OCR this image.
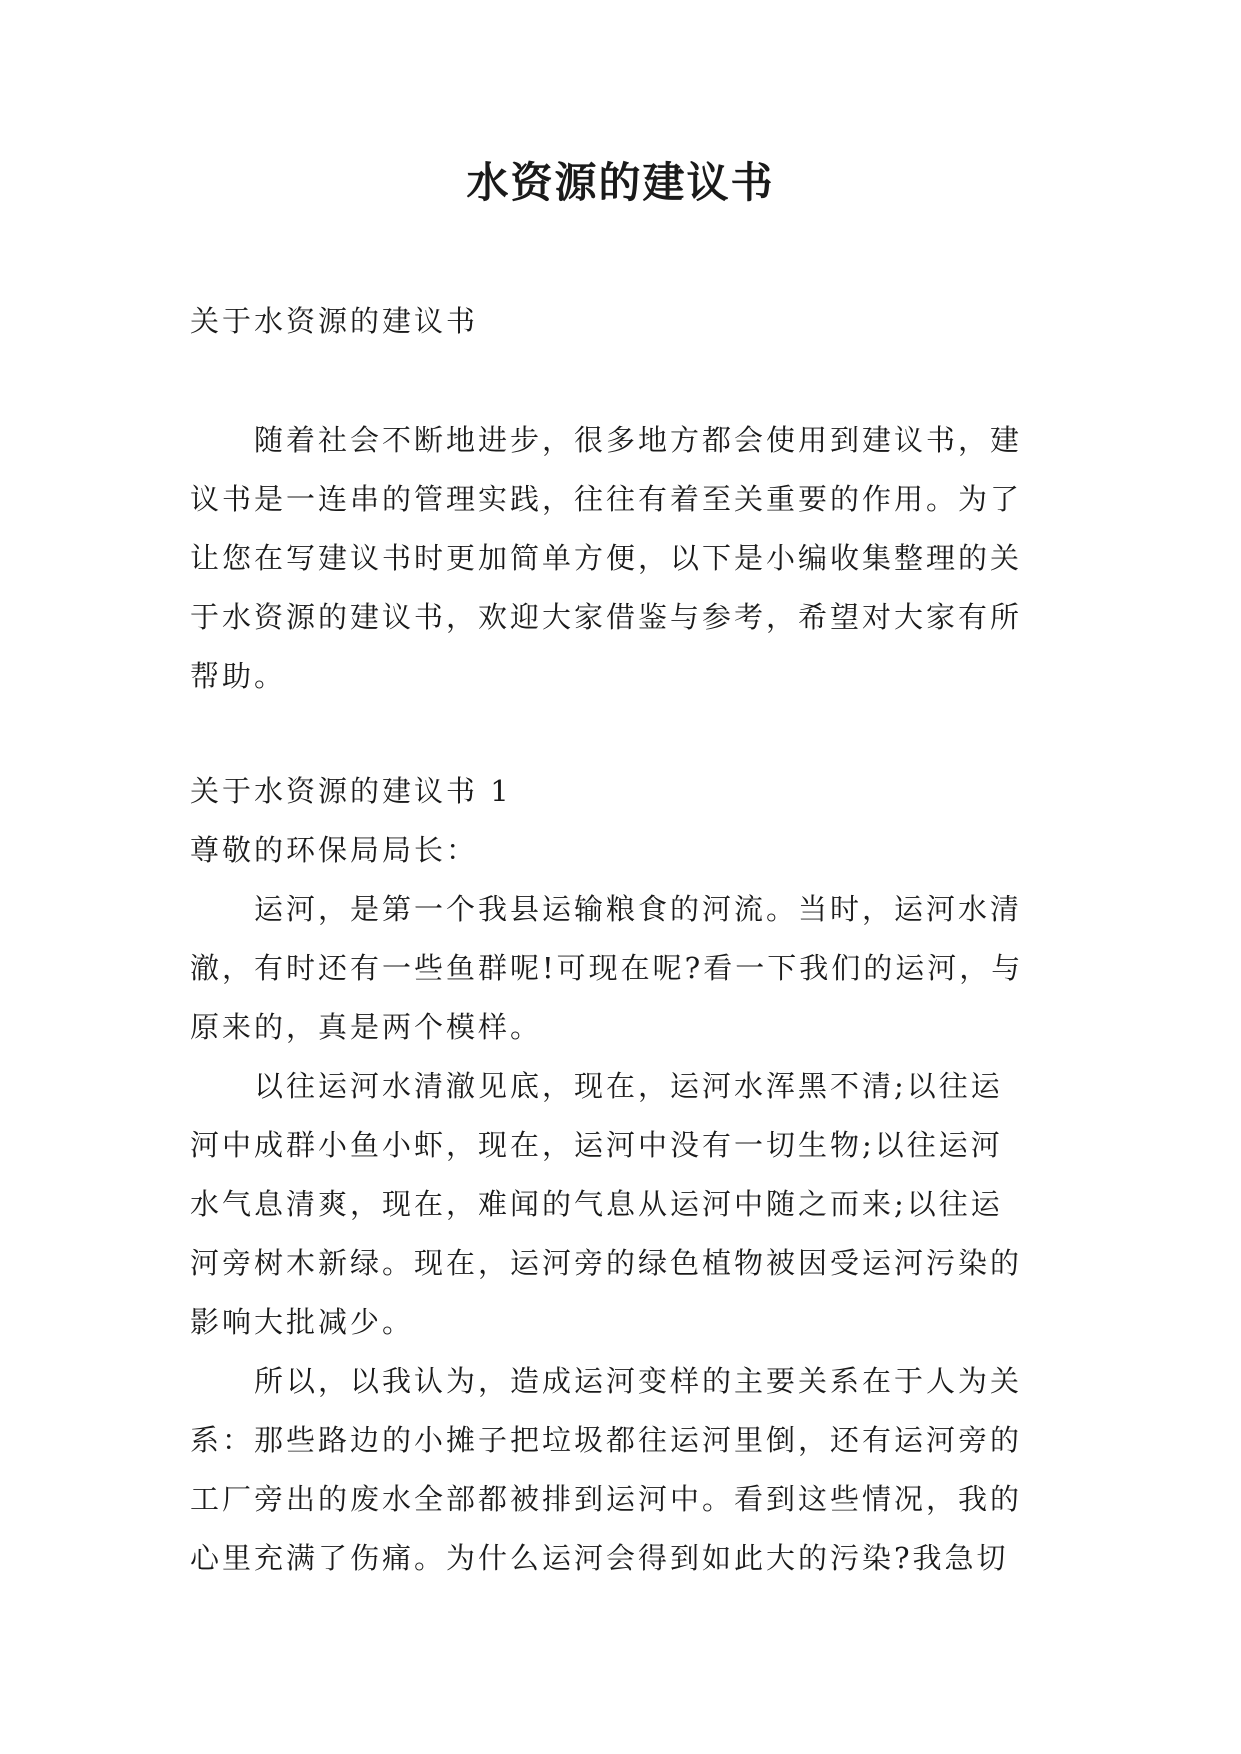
水资源的建议书
关于水资源的建议书
随着社会不断地进步，很多地方都会使用到建议书，建
议书是一连串的管理实践，往往有着至关重要的作用。为了
让您在写建议书时更加简单方便，以下是小编收集整理的关
于水资源的建议书，欢迎大家借鉴与参考，希望对大家有所
帮助。
关于水资源的建议书 1
尊敬的环保局局长：
运河，是第一个我县运输粮食的河流。当时，运河水清
澈，有时还有一些鱼群呢!可现在呢?看一下我们的运河，与
原来的，真是两个模样。
以往运河水清澈见底，现在，运河水浑黑不清;以往运
河中成群小鱼小虾，现在，运河中没有一切生物;以往运河
水气息清爽，现在，难闻的气息从运河中随之而来;以往运
河旁树木新绿。现在，运河旁的绿色植物被因受运河污染的
影响大批减少。
所以，以我认为，造成运河变样的主要关系在于人为关
系：那些路边的小摊子把垃圾都往运河里倒，还有运河旁的
工厂旁出的废水全部都被排到运河中。看到这些情况，我的
心里充满了伤痛。为什么运河会得到如此大的污染?我急切
